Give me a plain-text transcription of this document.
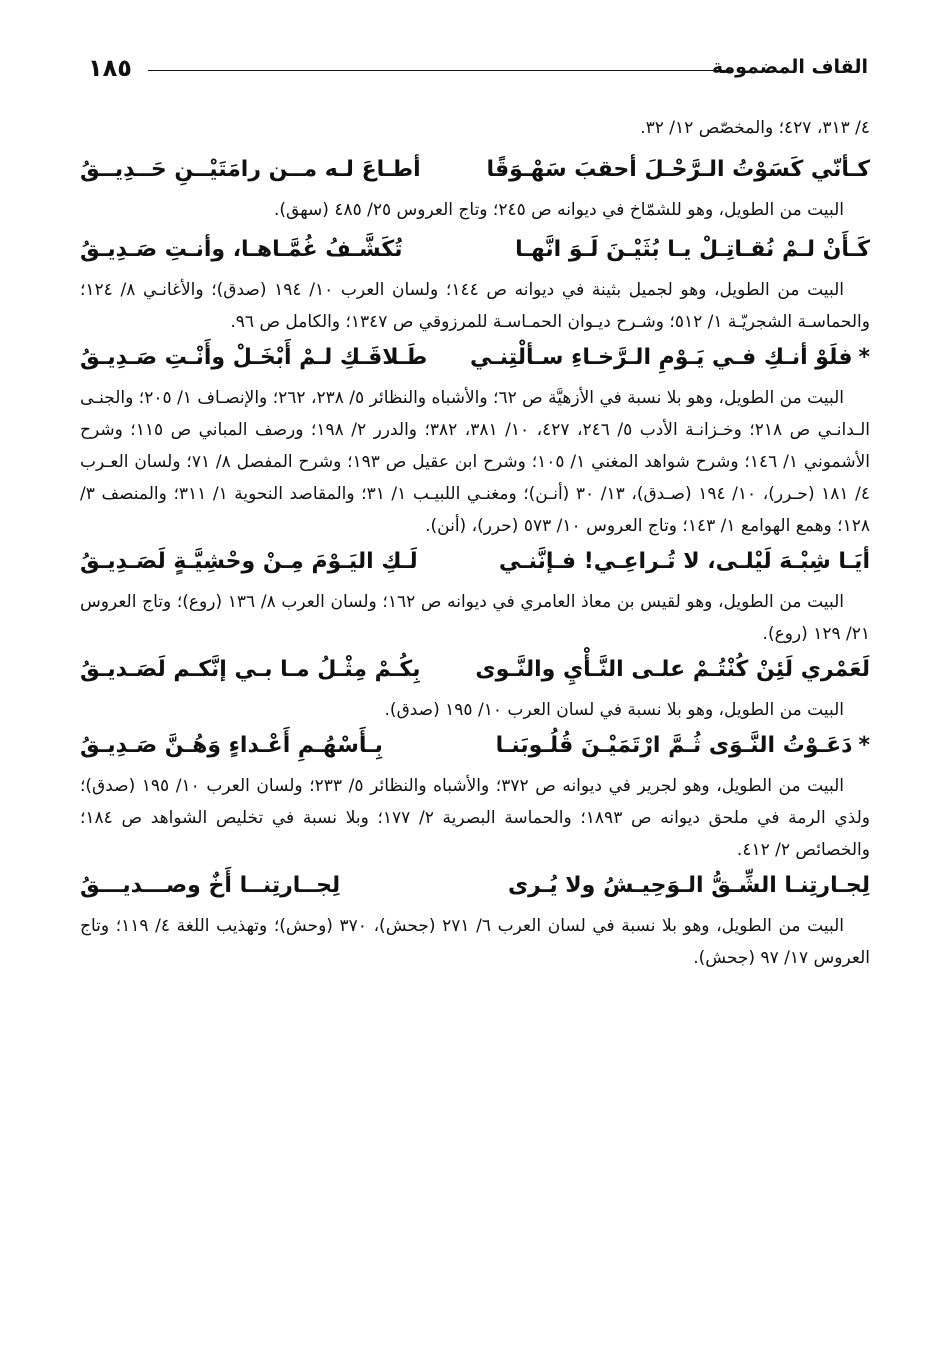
القاف المضمومة
١٨٥
٤/ ٣١٣، ٤٢٧؛ والمخصّص ١٢/ ٣٢.
كـأنّي كَسَوْتُ الـرَّحْـلَ أحقبَ سَهْـوَقًا
أطـاعَ لـه مــن رامَتَيْــنِ حَــدِيــقُ

البيت من الطويل، وهو للشمّاخ في ديوانه ص ٢٤٥؛ وتاج العروس ٢٥/ ٤٨٥ (سهق).

كَـأَنْ لـمْ نُقـاتِـلْ يـا بُثَيْـنَ لَـوَ انَّهـا
تُكَشَّـفُ غُمَّـاهـا، وأنـتِ صَـدِيـقُ

البيت من الطويل، وهو لجميل بثينة في ديوانه ص ١٤٤؛ ولسان العرب ١٠/ ١٩٤ (صدق)؛ والأغانـي ٨/ ١٢٤؛ والحماسـة الشجريّـة ١/ ٥١٢؛ وشـرح ديـوان الحمـاسـة للمرزوقي ص ١٣٤٧؛ والكامل ص ٩٦.

*فلَوْ أنـكِ فـي يَـوْمِ الـرَّخـاءِ سـألْتِنـي
طَـلاقَـكِ لـمْ أَبْخَـلْ وأَنْـتِ صَـدِيـقُ

البيت من الطويل، وهو بلا نسبة في الأزهيَّة ص ٦٢؛ والأشباه والنظائر ٥/ ٢٣٨، ٢٦٢؛ والإنصـاف ١/ ٢٠٥؛ والجنـى الـدانـي ص ٢١٨؛ وخـزانـة الأدب ٥/ ٢٤٦، ٤٢٧، ١٠/ ٣٨١، ٣٨٢؛ والدرر ٢/ ١٩٨؛ ورصف المباني ص ١١٥؛ وشرح الأشموني ١/ ١٤٦؛ وشرح شواهد المغني ١/ ١٠٥؛ وشرح ابن عقيل ص ١٩٣؛ وشرح المفصل ٨/ ٧١؛ ولسان العـرب ٤/ ١٨١ (حـرر)، ١٠/ ١٩٤ (صـدق)، ١٣/ ٣٠ (أنـن)؛ ومغنـي اللبيـب ١/ ٣١؛ والمقاصد النحوية ١/ ٣١١؛ والمنصف ٣/ ١٢٨؛ وهمع الهوامع ١/ ١٤٣؛ وتاج العروس ١٠/ ٥٧٣ (حرر)، (أنن).

أيَـا شِبْـهَ لَيْلـى، لا تُـراعِـي! فـإنَّنـي
لَـكِ اليَـوْمَ مِـنْ وحْشِيَّـةٍ لَصَـدِيـقُ

البيت من الطويل، وهو لقيس بن معاذ العامري في ديوانه ص ١٦٢؛ ولسان العرب ٨/ ١٣٦ (روع)؛ وتاج العروس ٢١/ ١٢٩ (روع).

لَعَمْري لَئِنْ كُنْتُـمْ علـى النَّـأْيِ والنَّـوى
بِكُـمْ مِثْـلُ مـا بـي إنَّكـم لَصَـديـقُ

البيت من الطويل، وهو بلا نسبة في لسان العرب ١٠/ ١٩٥ (صدق).

*دَعَـوْتُ النَّـوَى ثُـمَّ ارْتَمَيْـنَ قُلُـوبَنـا
بِـأَسْهُـمِ أَعْـداءٍ وَهُـنَّ صَـدِيـقُ

البيت من الطويل، وهو لجرير في ديوانه ص ٣٧٢؛ والأشباه والنظائر ٥/ ٢٣٣؛ ولسان العرب ١٠/ ١٩٥ (صدق)؛ ولذي الرمة في ملحق ديوانه ص ١٨٩٣؛ والحماسة البصرية ٢/ ١٧٧؛ وبلا نسبة في تخليص الشواهد ص ١٨٤؛ والخصائص ٢/ ٤١٢.

لِجـارتِنـا الشِّـقُّ الـوَحِيـشُ ولا يُـرى
لِجــارتِنــا أَخٌ وصـــديـــقُ

البيت من الطويل، وهو بلا نسبة في لسان العرب ٦/ ٢٧١ (جحش)، ٣٧٠ (وحش)؛ وتهذيب اللغة ٤/ ١١٩؛ وتاج العروس ١٧/ ٩٧ (جحش).
